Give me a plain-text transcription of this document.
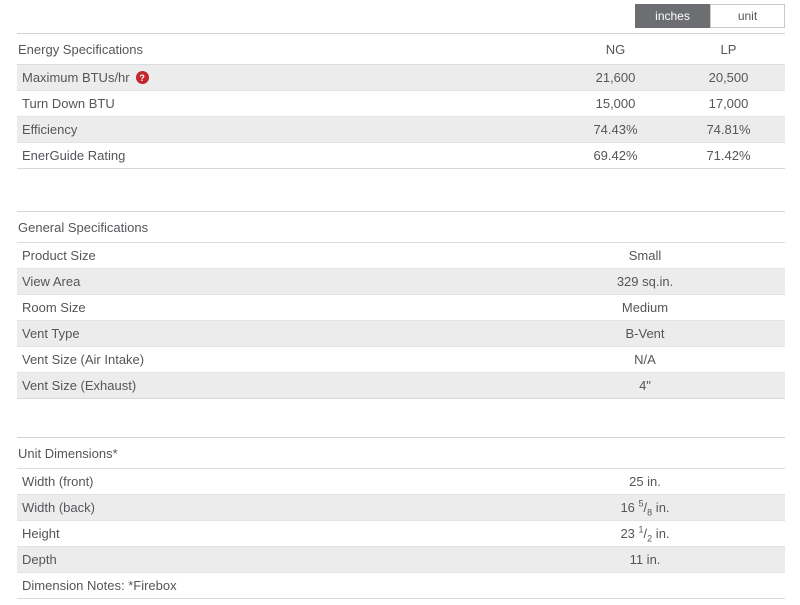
inches	unit
Energy Specifications	NG	LP
Maximum BTUs/hr	?	21,600	20,500
Turn Down BTU	15,000	17,000
Efficiency	74.43%	74.81%
EnerGuide Rating	69.42%	71.42%
General Specifications
Product Size	Small
View Area	329 sq.in.
Room Size	Medium
Vent Type	B-Vent
Vent Size (Air Intake)	N/A
Vent Size (Exhaust)	4"
Unit Dimensions*
Width (front)	25 in.
Width (back)	16 $^5/_8$ in.
Height	23 $^1/_2$ in.
Depth	11 in.
Dimension Notes: *Firebox
